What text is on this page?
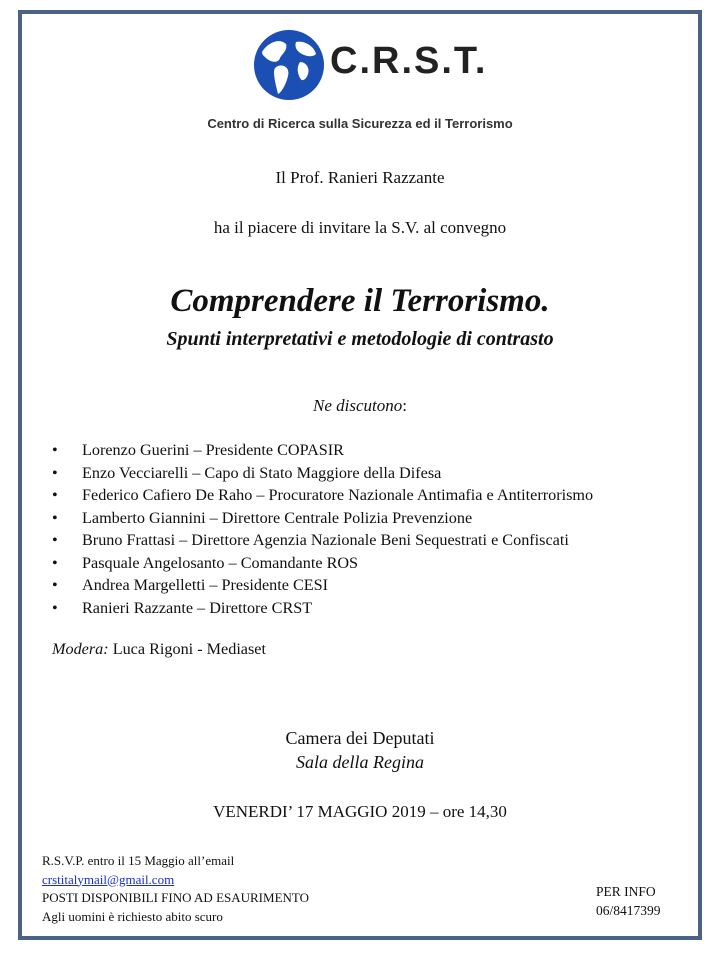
C.R.S.T.
Centro di Ricerca sulla Sicurezza ed il Terrorismo
Il Prof. Ranieri Razzante
ha il piacere di invitare la S.V. al convegno
Comprendere il Terrorismo.
Spunti interpretativi e metodologie di contrasto
Ne discutono:
• Lorenzo Guerini – Presidente COPASIR
• Enzo Vecciarelli – Capo di Stato Maggiore della Difesa
• Federico Cafiero De Raho – Procuratore Nazionale Antimafia e Antiterrorismo
• Lamberto Giannini – Direttore Centrale Polizia Prevenzione
• Bruno Frattasi – Direttore Agenzia Nazionale Beni Sequestrati e Confiscati
• Pasquale Angelosanto – Comandante ROS
• Andrea Margelletti – Presidente CESI
• Ranieri Razzante – Direttore CRST
Modera: Luca Rigoni - Mediaset
Camera dei Deputati
Sala della Regina
VENERDI’ 17 MAGGIO 2019 – ore 14,30
R.S.V.P. entro il 15 Maggio all’email
crstitalymail@gmail.com
POSTI DISPONIBILI FINO AD ESAURIMENTO
Agli uomini è richiesto abito scuro
PER INFO
06/8417399
